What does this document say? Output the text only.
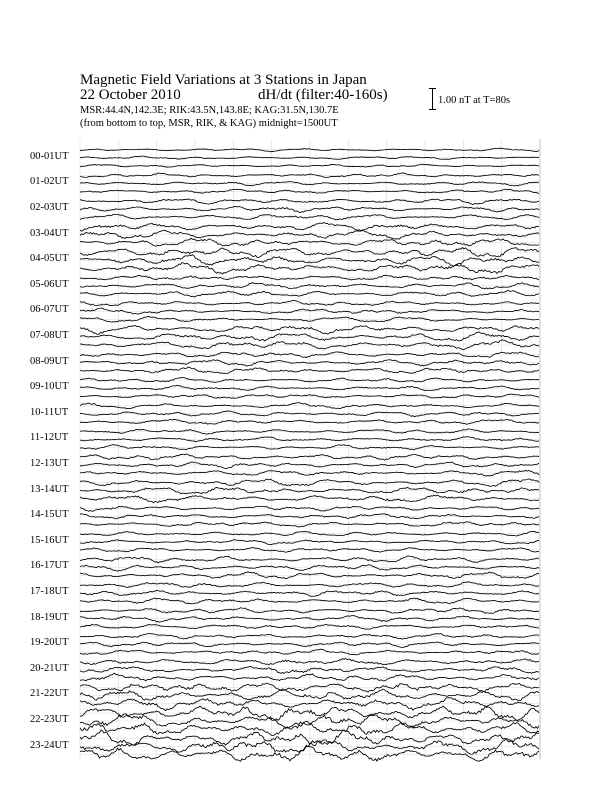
Magnetic Field Variations at 3 Stations in Japan
22 October 2010	dH/dt (filter:40-160s)
MSR:44.4N,142.3E; RIK:43.5N,143.8E; KAG:31.5N,130.7E
(from bottom to top, MSR, RIK, & KAG) midnight=1500UT
1.00 nT at T=80s
00-01UT
01-02UT
02-03UT
03-04UT
04-05UT
05-06UT
06-07UT
07-08UT
08-09UT
09-10UT
10-11UT
11-12UT
12-13UT
13-14UT
14-15UT
15-16UT
16-17UT
17-18UT
18-19UT
19-20UT
20-21UT
21-22UT
22-23UT
23-24UT
